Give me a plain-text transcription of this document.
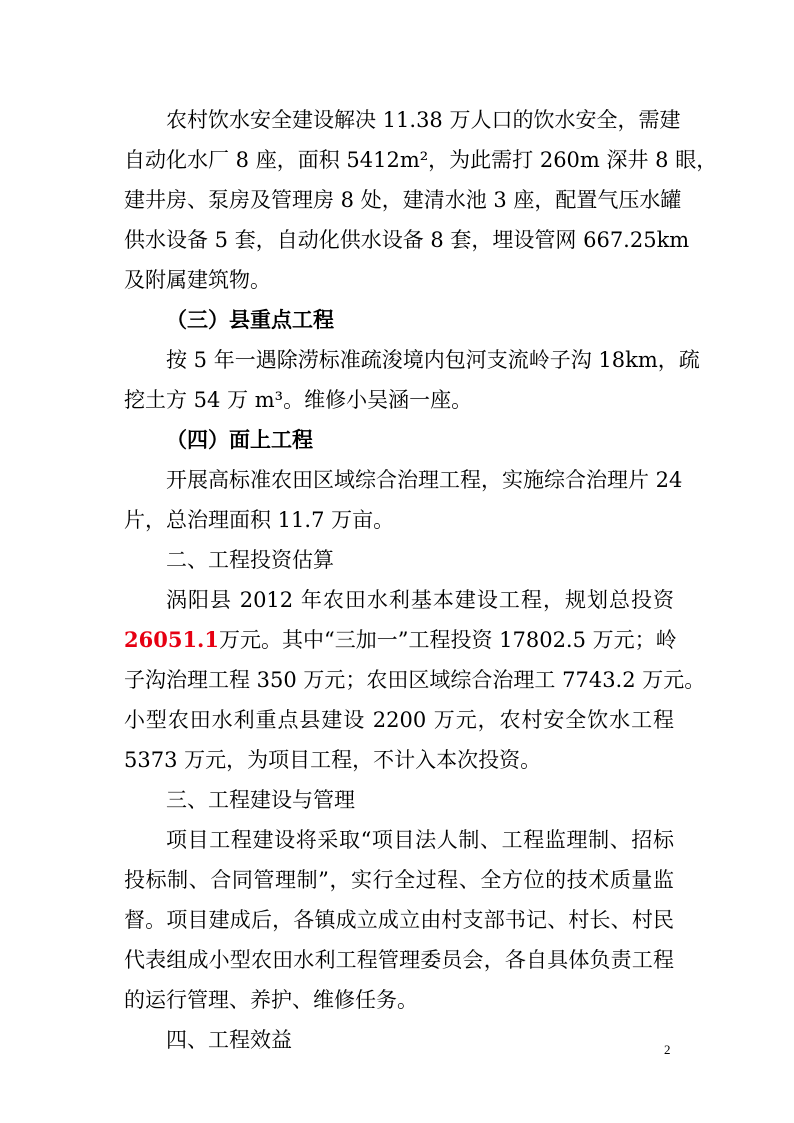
农村饮水安全建设解决 11.38 万人口的饮水安全，需建
自动化水厂 8 座，面积 5412m²，为此需打 260m 深井 8 眼，
建井房、泵房及管理房 8 处，建清水池 3 座，配置气压水罐
供水设备 5 套，自动化供水设备 8 套，埋设管网 667.25km
及附属建筑物。
（三）县重点工程
按 5 年一遇除涝标准疏浚境内包河支流岭子沟 18km，疏
挖土方 54 万 m³。维修小吴涵一座。
（四）面上工程
开展高标准农田区域综合治理工程，实施综合治理片 24
片，总治理面积 11.7 万亩。
二、工程投资估算
涡阳县 2012 年农田水利基本建设工程，规划总投资
26051.1万元。其中“三加一”工程投资 17802.5 万元；岭
子沟治理工程 350 万元；农田区域综合治理工 7743.2 万元。
小型农田水利重点县建设 2200 万元，农村安全饮水工程
5373 万元，为项目工程，不计入本次投资。
三、工程建设与管理
项目工程建设将采取“项目法人制、工程监理制、招标
投标制、合同管理制”，实行全过程、全方位的技术质量监
督。项目建成后，各镇成立成立由村支部书记、村长、村民
代表组成小型农田水利工程管理委员会，各自具体负责工程
的运行管理、养护、维修任务。
四、工程效益	2
